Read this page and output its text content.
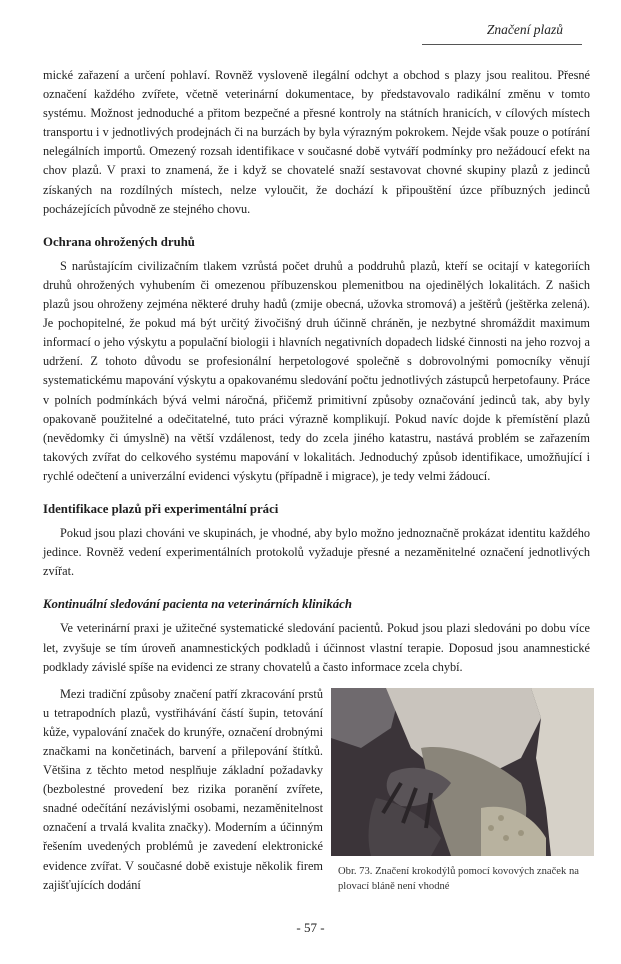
Značení plazů

mické zařazení a určení pohlaví. Rovněž vysloveně ilegální odchyt a obchod s plazy jsou realitou. Přesné označení každého zvířete, včetně veterinární dokumentace, by představovalo radikální změnu v tomto systému. Možnost jednoduché a přitom bezpečné a přesné kontroly na státních hranicích, v cílových místech transportu i v jednotlivých prodejnách či na burzách by byla výrazným pokrokem. Nejde však pouze o potírání nelegálních importů. Omezený rozsah identifikace v současné době vytváří podmínky pro nežádoucí efekt na chov plazů. V praxi to znamená, že i když se chovatelé snaží sestavovat chovné skupiny plazů z jedinců získaných na rozdílných místech, nelze vyloučit, že dochází k připouštění úzce příbuzných jedinců pocházejících původně ze stejného chovu.

Ochrana ohrožených druhů

S narůstajícím civilizačním tlakem vzrůstá počet druhů a poddruhů plazů, kteří se ocitají v kategoriích druhů ohrožených vyhubením či omezenou příbuzenskou plemenitbou na ojedinělých lokalitách. Z našich plazů jsou ohroženy zejména některé druhy hadů (zmije obecná, užovka stromová) a ještěrů (ještěrka zelená). Je pochopitelné, že pokud má být určitý živočišný druh účinně chráněn, je nezbytné shromáždit maximum informací o jeho výskytu a populační biologii i hlavních negativních dopadech lidské činnosti na jeho rozvoj a udržení. Z tohoto důvodu se profesionální herpetologové společně s dobrovolnými pomocníky věnují systematickému mapování výskytu a opakovanému sledování počtu jednotlivých zástupců herpetofauny. Práce v polních podmínkách bývá velmi náročná, přičemž primitivní způsoby označování jedinců tak, aby byly opakovaně použitelné a odečitatelné, tuto práci výrazně komplikují. Pokud navíc dojde k přemístění plazů (nevědomky či úmyslně) na větší vzdálenost, tedy do zcela jiného katastru, nastává problém se zařazením takových zvířat do celkového systému mapování v lokalitách. Jednoduchý způsob identifikace, umožňující i rychlé odečtení a univerzální evidenci výskytu (případně i migrace), je tedy velmi žádoucí.

Identifikace plazů při experimentální práci

Pokud jsou plazi chováni ve skupinách, je vhodné, aby bylo možno jednoznačně prokázat identitu každého jedince. Rovněž vedení experimentálních protokolů vyžaduje přesné a nezaměnitelné označení jednotlivých zvířat.

Kontinuální sledování pacienta na veterinárních klinikách

Ve veterinární praxi je užitečné systematické sledování pacientů. Pokud jsou plazi sledováni po dobu více let, zvyšuje se tím úroveň anamnestických podkladů i účinnost vlastní terapie. Doposud jsou anamnestické podklady závislé spíše na evidenci ze strany chovatelů a často informace zcela chybí.

Mezi tradiční způsoby značení patří zkracování prstů u tetrapodních plazů, vystřihávání částí šupin, tetování kůže, vypalování značek do krunýře, označení drobnými značkami na končetinách, barvení a přilepování štítků. Většina z těchto metod nesplňuje základní požadavky (bezbolestné provedení bez rizika poranění zvířete, snadné odečítání nezávislými osobami, nezaměnitelnost označení a trvalá kvalita značky). Moderním a účinným řešením uvedených problémů je zavedení elektronické evidence zvířat. V současné době existuje několik firem zajišťujících dodání

Obr. 73. Značení krokodýlů pomocí kovových značek na plovací bláně není vhodné
- 57 -
